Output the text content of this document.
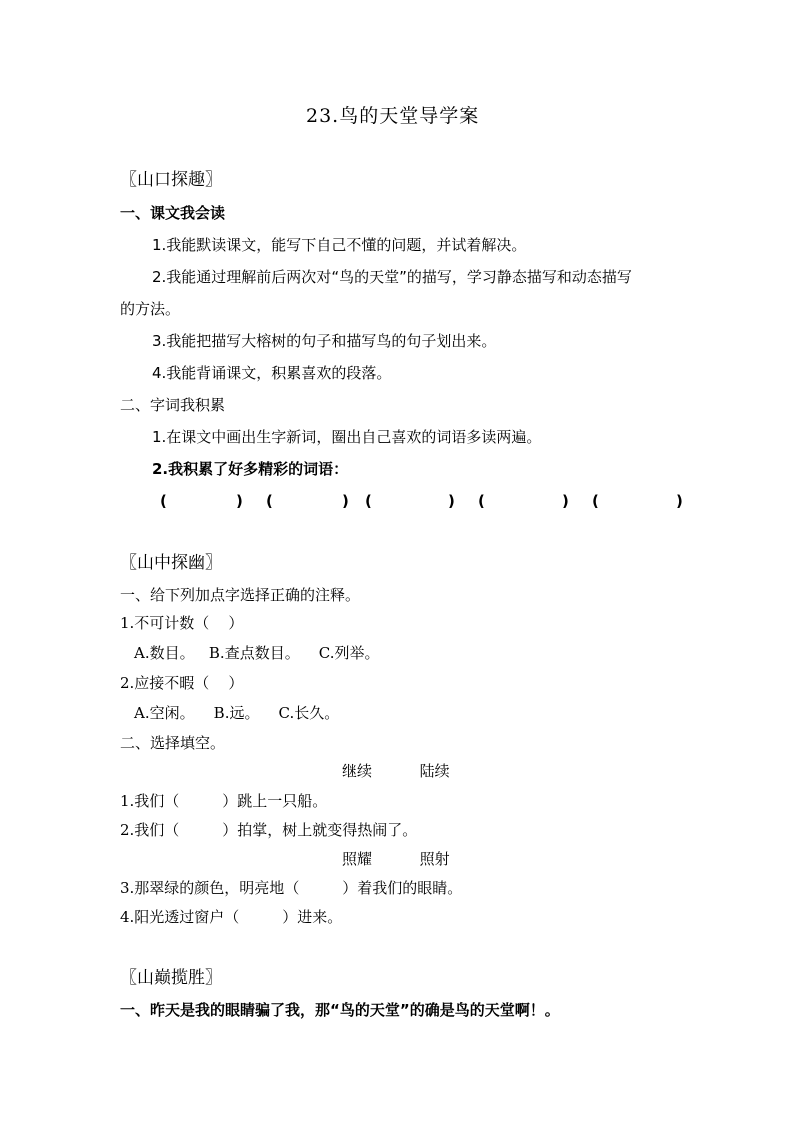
23.鸟的天堂导学案
〖山口探趣〗
一、课文我会读
1.我能默读课文，能写下自己不懂的问题，并试着解决。
2.我能通过理解前后两次对“鸟的天堂”的描写，学习静态描写和动态描写
的方法。
3.我能把描写大榕树的句子和描写鸟的句子划出来。
4.我能背诵课文，积累喜欢的段落。
二、字词我积累
1.在课文中画出生字新词，圈出自己喜欢的词语多读两遍。
2.我积累了好多精彩的词语：
(	) (	) (	) (	) (	)
〖山中探幽〗
一、给下列加点字选择正确的注释。
1.不可计数（    ）
A.数目。   B.查点数目。    C.列举。
2.应接不暇（    ）
A.空闲。    B.远。    C.长久。
二、选择填空。
继续          陆续
1.我们（         ）跳上一只船。
2.我们（         ）拍掌，树上就变得热闹了。
照耀          照射
3.那翠绿的颜色，明亮地（         ）着我们的眼睛。
4.阳光透过窗户（         ）进来。
〖山巅揽胜〗
一、昨天是我的眼睛骗了我，那“鸟的天堂”的确是鸟的天堂啊！。
